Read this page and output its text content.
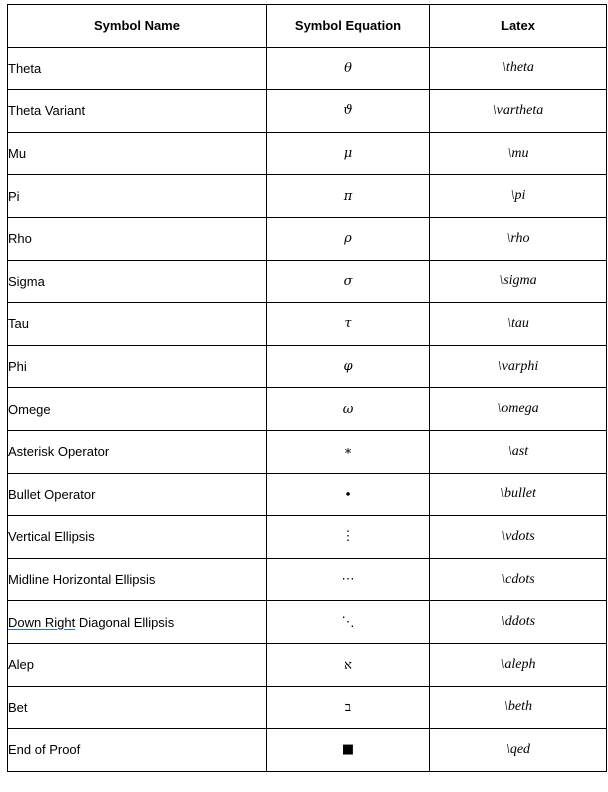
Symbol Name	Symbol Equation	Latex
Theta	θ	\theta
Theta Variant	ϑ	\vartheta
Mu	μ	\mu
Pi	π	\pi
Rho	ρ	\rho
Sigma	σ	\sigma
Tau	τ	\tau
Phi	φ	\varphi
Omege	ω	\omega
Asterisk Operator	∗	\ast
Bullet Operator	∙	\bullet
Vertical Ellipsis	⋮	\vdots
Midline Horizontal Ellipsis	⋯	\cdots
Down Right Diagonal Ellipsis	⋱	\ddots
Alep	א	\aleph
Bet	ב	\beth
End of Proof	■	\qed
